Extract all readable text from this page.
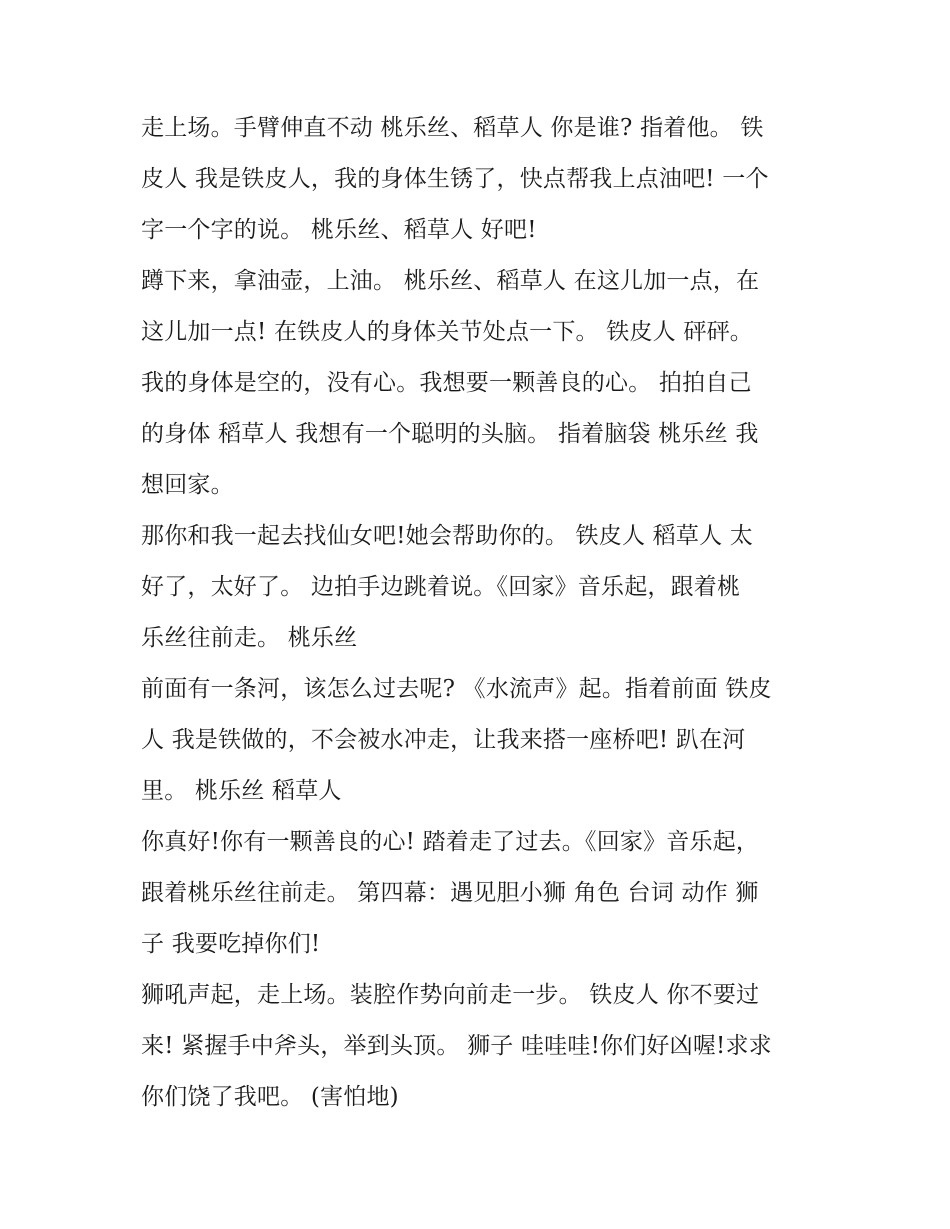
走上场。手臂伸直不动 桃乐丝、稻草人 你是谁? 指着他。 铁
皮人 我是铁皮人，我的身体生锈了，快点帮我上点油吧! 一个
字一个字的说。 桃乐丝、稻草人 好吧!
蹲下来，拿油壶，上油。 桃乐丝、稻草人 在这儿加一点，在
这儿加一点! 在铁皮人的身体关节处点一下。 铁皮人 砰砰。
我的身体是空的，没有心。我想要一颗善良的心。 拍拍自己
的身体 稻草人 我想有一个聪明的头脑。 指着脑袋 桃乐丝 我
想回家。
那你和我一起去找仙女吧!她会帮助你的。 铁皮人 稻草人 太
好了，太好了。 边拍手边跳着说。《回家》音乐起，跟着桃
乐丝往前走。 桃乐丝
前面有一条河，该怎么过去呢? 《水流声》起。指着前面 铁皮
人 我是铁做的，不会被水冲走，让我来搭一座桥吧! 趴在河
里。 桃乐丝 稻草人
你真好!你有一颗善良的心! 踏着走了过去。《回家》音乐起，
跟着桃乐丝往前走。 第四幕：遇见胆小狮 角色 台词 动作 狮
子 我要吃掉你们!
狮吼声起，走上场。装腔作势向前走一步。 铁皮人 你不要过
来! 紧握手中斧头，举到头顶。 狮子 哇哇哇!你们好凶喔!求求
你们饶了我吧。 (害怕地)
